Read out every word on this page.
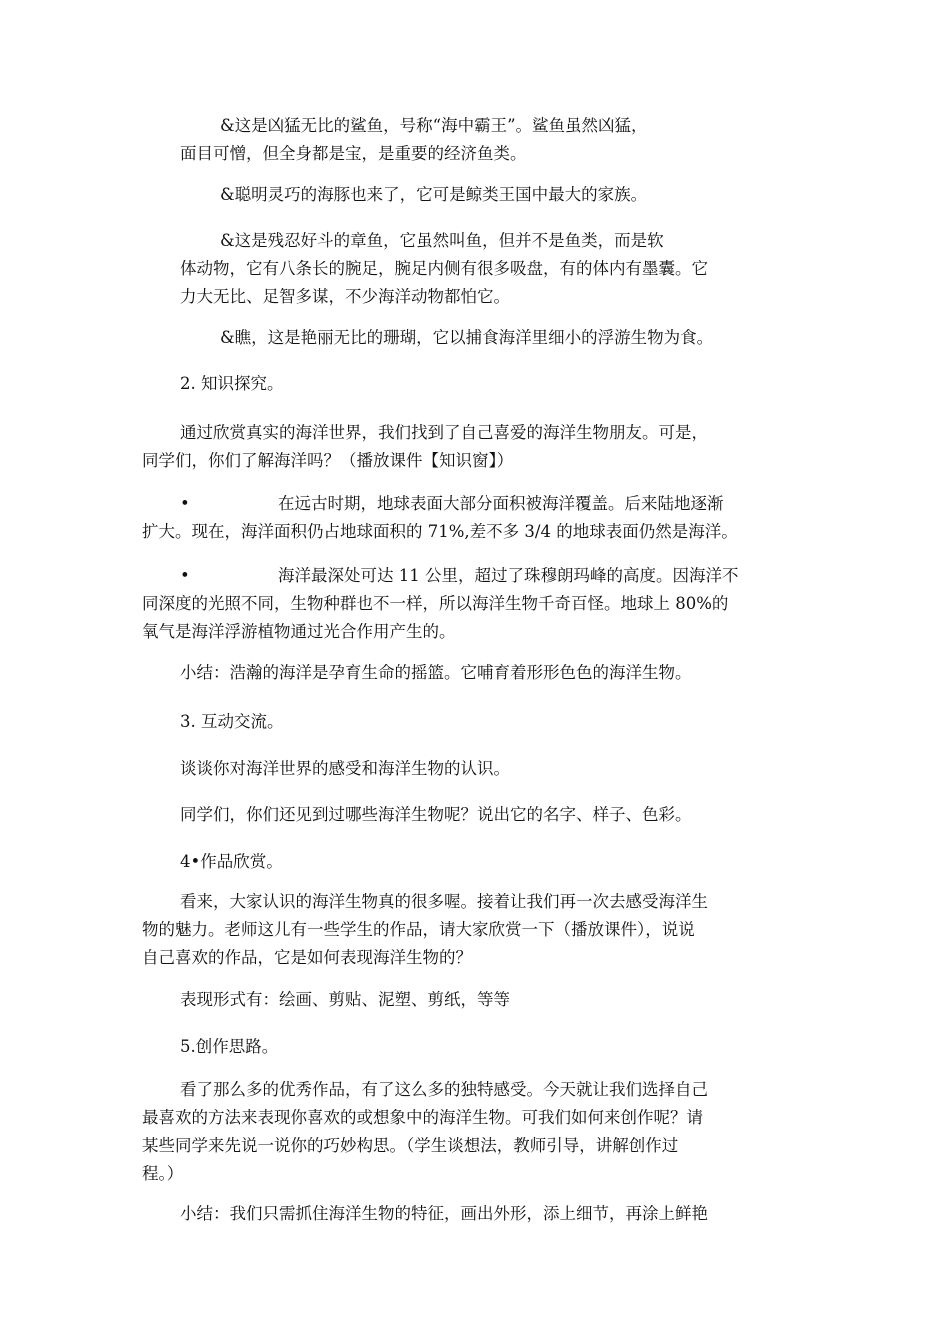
&这是凶猛无比的鲨鱼，号称“海中霸王”。鲨鱼虽然凶猛，
面目可憎，但全身都是宝，是重要的经济鱼类。
&聪明灵巧的海豚也来了，它可是鲸类王国中最大的家族。
&这是残忍好斗的章鱼，它虽然叫鱼，但并不是鱼类，而是软
体动物，它有八条长的腕足，腕足内侧有很多吸盘，有的体内有墨囊。它
力大无比、足智多谋，不少海洋动物都怕它。
&瞧，这是艳丽无比的珊瑚，它以捕食海洋里细小的浮游生物为食。
2. 知识探究。
通过欣赏真实的海洋世界，我们找到了自己喜爱的海洋生物朋友。可是，
同学们，你们了解海洋吗？（播放课件【知识窗】）
•	在远古时期，地球表面大部分面积被海洋覆盖。后来陆地逐渐
扩大。现在，海洋面积仍占地球面积的 71%,差不多 3/4 的地球表面仍然是海洋。
•	海洋最深处可达 11 公里，超过了珠穆朗玛峰的高度。因海洋不
同深度的光照不同，生物种群也不一样，所以海洋生物千奇百怪。地球上 80%的
氧气是海洋浮游植物通过光合作用产生的。
小结：浩瀚的海洋是孕育生命的摇篮。它哺育着形形色色的海洋生物。
3. 互动交流。
谈谈你对海洋世界的感受和海洋生物的认识。
同学们，你们还见到过哪些海洋生物呢？说出它的名字、样子、色彩。
4•作品欣赏。
看来，大家认识的海洋生物真的很多喔。接着让我们再一次去感受海洋生
物的魅力。老师这儿有一些学生的作品，请大家欣赏一下（播放课件），说说
自己喜欢的作品，它是如何表现海洋生物的？
表现形式有：绘画、剪贴、泥塑、剪纸，等等
5.创作思路。
看了那么多的优秀作品，有了这么多的独特感受。今天就让我们选择自己
最喜欢的方法来表现你喜欢的或想象中的海洋生物。可我们如何来创作呢？请
某些同学来先说一说你的巧妙构思。（学生谈想法，教师引导，讲解创作过
程。）
小结：我们只需抓住海洋生物的特征，画出外形，添上细节，再涂上鲜艳
